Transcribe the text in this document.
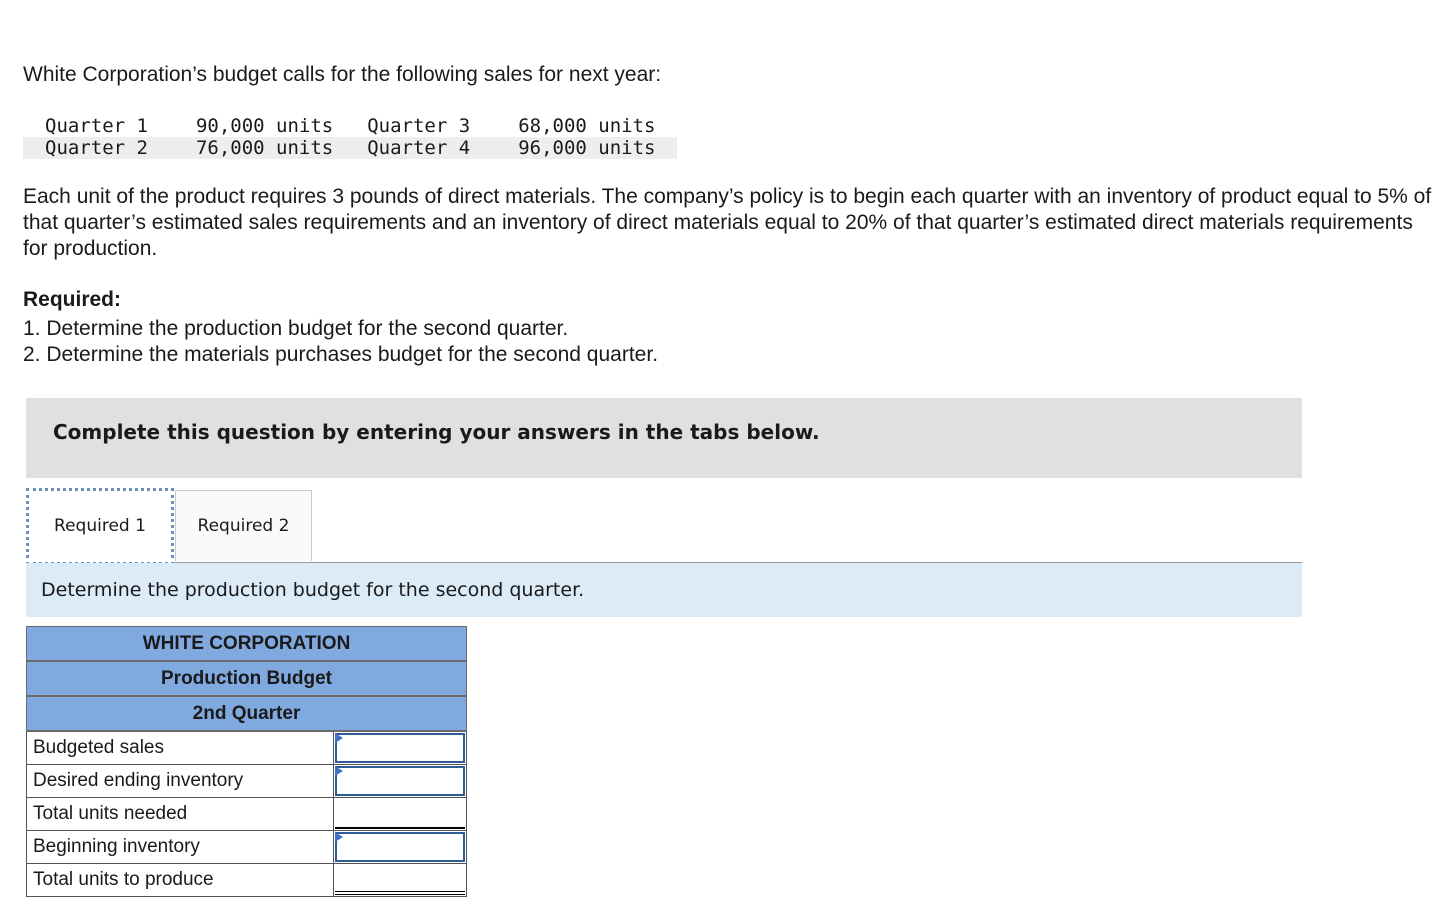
White Corporation’s budget calls for the following sales for next year:

Quarter 1	90,000 units	Quarter 3	68,000 units
Quarter 2	76,000 units	Quarter 4	96,000 units

Each unit of the product requires 3 pounds of direct materials. The company’s policy is to begin each quarter with an inventory of product equal to 5% of that quarter’s estimated sales requirements and an inventory of direct materials equal to 20% of that quarter’s estimated direct materials requirements for production.

Required:

1. Determine the production budget for the second quarter.
2. Determine the materials purchases budget for the second quarter.

Complete this question by entering your answers in the tabs below.

Required 1	Required 2
Determine the production budget for the second quarter.
WHITE CORPORATION	
Production Budget	
2nd Quarter	
Budgeted sales	

Desired ending inventory	

Total units needed	

Beginning inventory	

Total units to produce	
